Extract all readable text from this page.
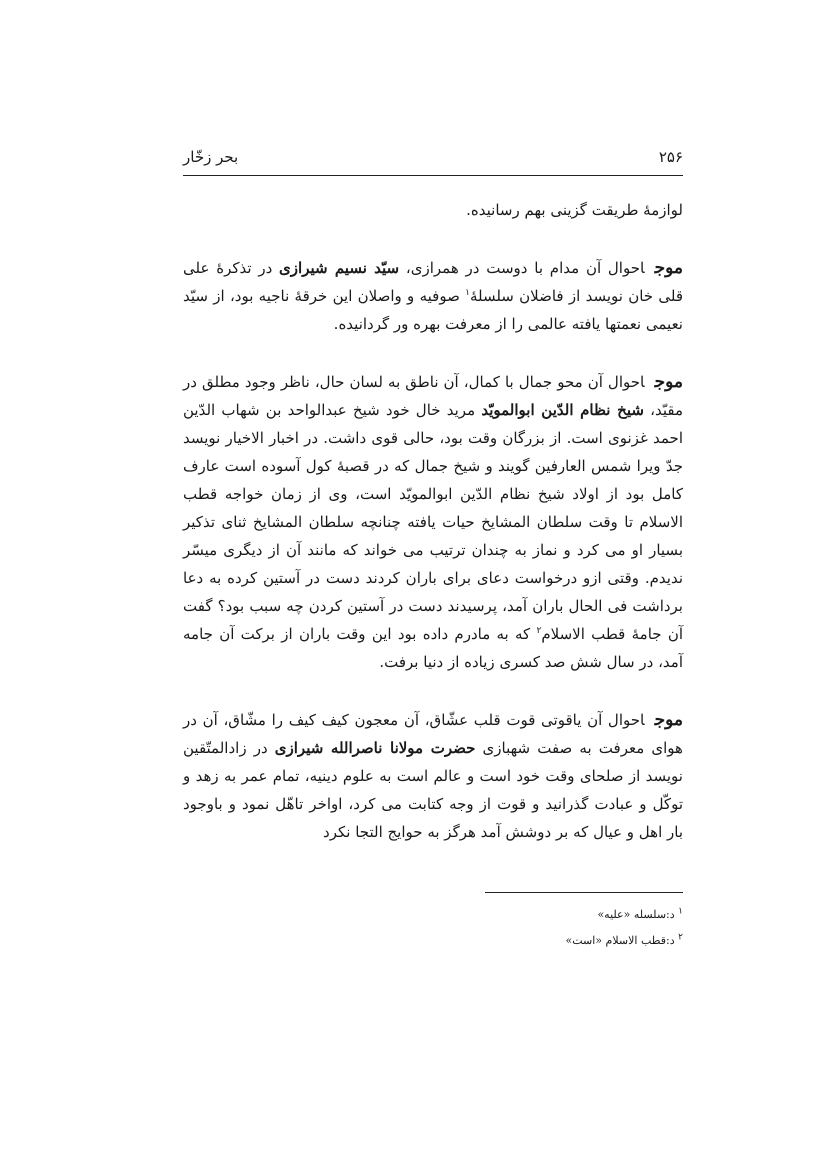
۲۵۶
بحر زخّار

لوازمهٔ طریقت گزینی بهم رسانیده.

موجاحوال آن مدام با دوست در همرازی، سیّد نسیم شیرازی در تذکرهٔ علی قلی خان نویسد از فاضلان سلسلهٔ$^۱$ صوفیه و واصلان این خرقهٔ ناجیه بود، از سیّد نعیمی نعمتها یافته عالمی را از معرفت بهره ور گردانیده.

موجاحوال آن محو جمال با کمال، آن ناطق به لسان حال، ناظر وجود مطلق در مقیّد، شیخ نظام الدّین ابوالمویّد مرید خال خود شیخ عبدالواحد بن شهاب الدّین احمد غزنوی است. از بزرگان وقت بود، حالی قوی داشت. در اخبار الاخیار نویسد جدّ ویرا شمس العارفین گویند و شیخ جمال که در قصبهٔ کول آسوده است عارف کامل بود از اولاد شیخ نظام الدّین ابوالمویّد است، وی از زمان خواجه قطب الاسلام تا وقت سلطان المشایخ حیات یافته چنانچه سلطان المشایخ ثنای تذکیر بسیار او می کرد و نماز به چندان ترتیب می خواند که مانند آن از دیگری میسّر ندیدم. وقتی ازو درخواست دعای برای باران کردند دست در آستین کرده به دعا برداشت فی الحال باران آمد، پرسیدند دست در آستین کردن چه سبب بود؟ گفت آن جامهٔ قطب الاسلام$^۲$ که به مادرم داده بود این وقت باران از برکت آن جامه آمد، در سال شش صد کسری زیاده از دنیا برفت.

موجاحوال آن یاقوتی قوت قلب عشّاق، آن معجون کیف کیف را مشّاق، آن در هوای معرفت به صفت شهبازی حضرت مولانا ناصرالله شیرازی در زادالمتّقین نویسد از صلحای وقت خود است و عالم است به علوم دینیه، تمام عمر به زهد و توکّل و عبادت گذرانید و قوت از وجه کتابت می کرد، اواخر تاهّل نمود و باوجود بار اهل و عیال که بر دوشش آمد هرگز به حوایج التجا نکرد

$^۱$ د:سلسله «علیه»

$^۲$ د:قطب الاسلام «است»
